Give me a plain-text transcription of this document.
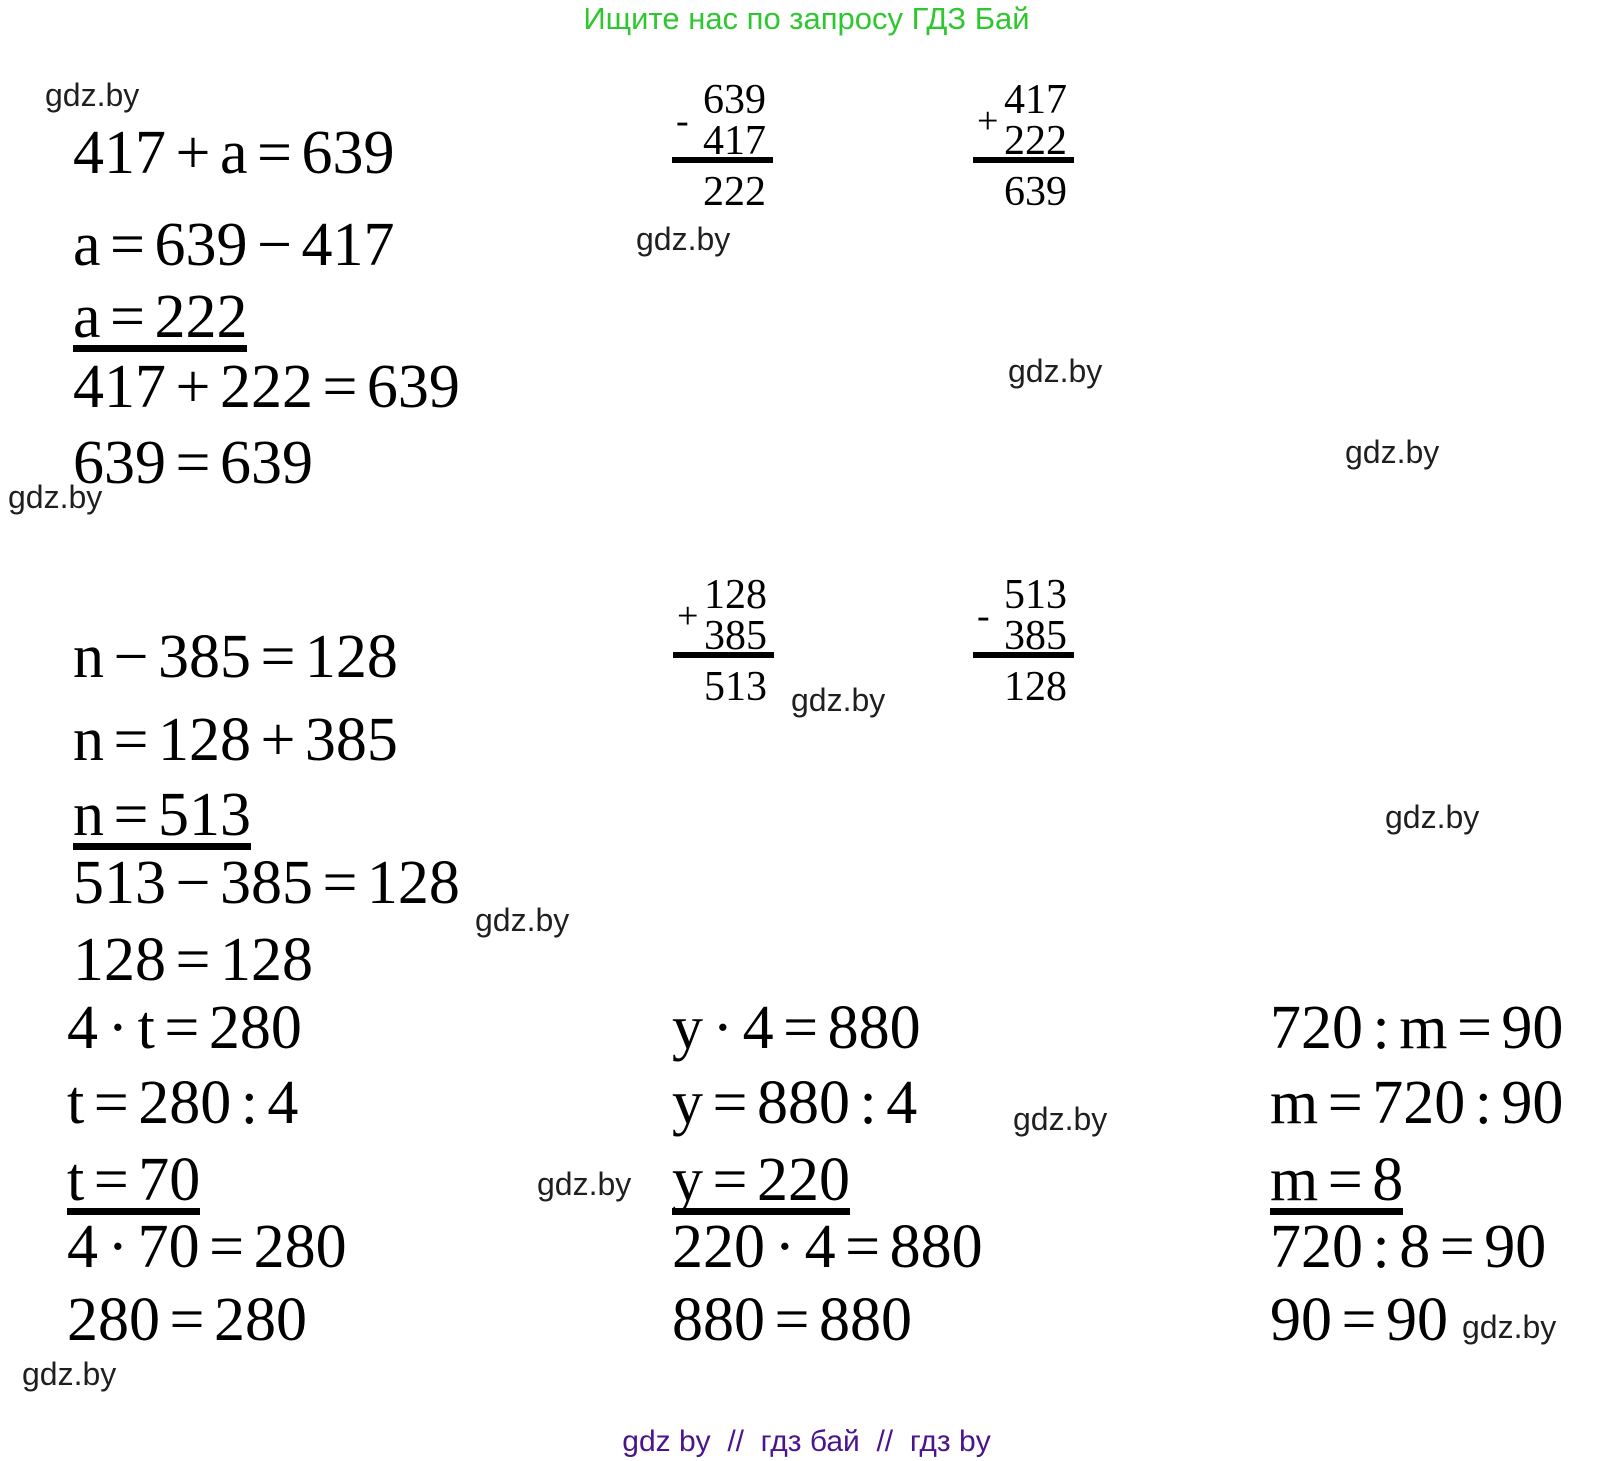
Ищите нас по запросу ГДЗ Бай
gdz.by
gdz.by
gdz.by
gdz.by
gdz.by
gdz.by
gdz.by
gdz.by
gdz.by
gdz.by
gdz.by
gdz.by
417 + a = 639
a = 639 − 417
a = 222
417 + 222 = 639
639 = 639
- 639
417
222
+ 417
222
639
n − 385 = 128
n = 128 + 385
n = 513
513 − 385 = 128
128 = 128
+ 128
385
513
- 513
385
128
4 · t = 280
t = 280 : 4
t = 70
4 · 70 = 280
280 = 280
y · 4 = 880
y = 880 : 4
y = 220
220 · 4 = 880
880 = 880
720 : m = 90
m = 720 : 90
m = 8
720 : 8 = 90
90 = 90
gdz by  //  гдз бай  //  гдз by
